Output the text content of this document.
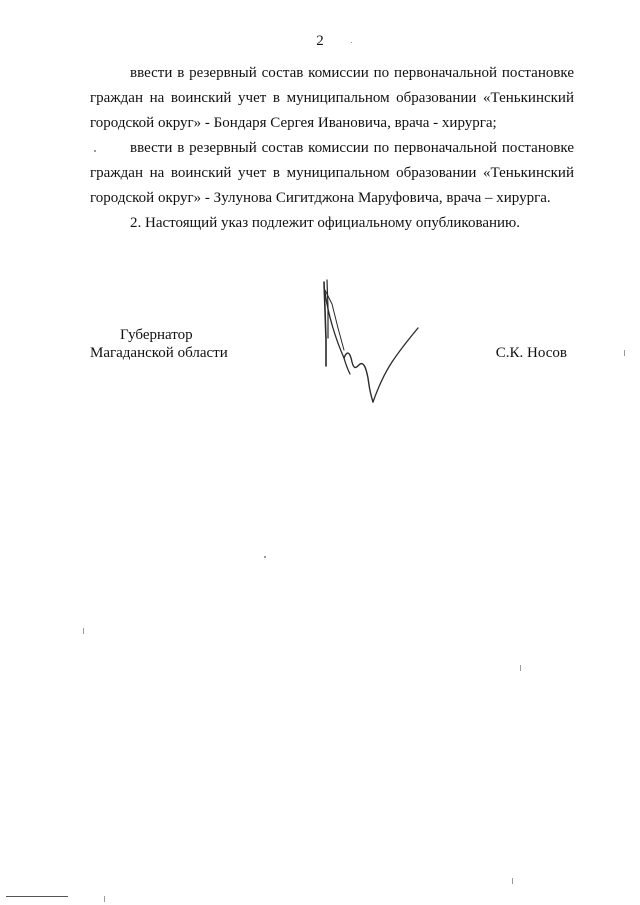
2

ввести в резервный состав комиссии по первоначальной постановке граждан на воинский учет в муниципальном образовании «Тенькинский городской округ» - Бондаря Сергея Ивановича, врача - хирурга;

ввести в резервный состав комиссии по первоначальной постановке граждан на воинский учет в муниципальном образовании «Тенькинский городской округ» - Зулунова Сигитджона Маруфовича, врача – хирурга.

2. Настоящий указ подлежит официальному опубликованию.

Губернатор
Магаданской области	С.К. Носов
